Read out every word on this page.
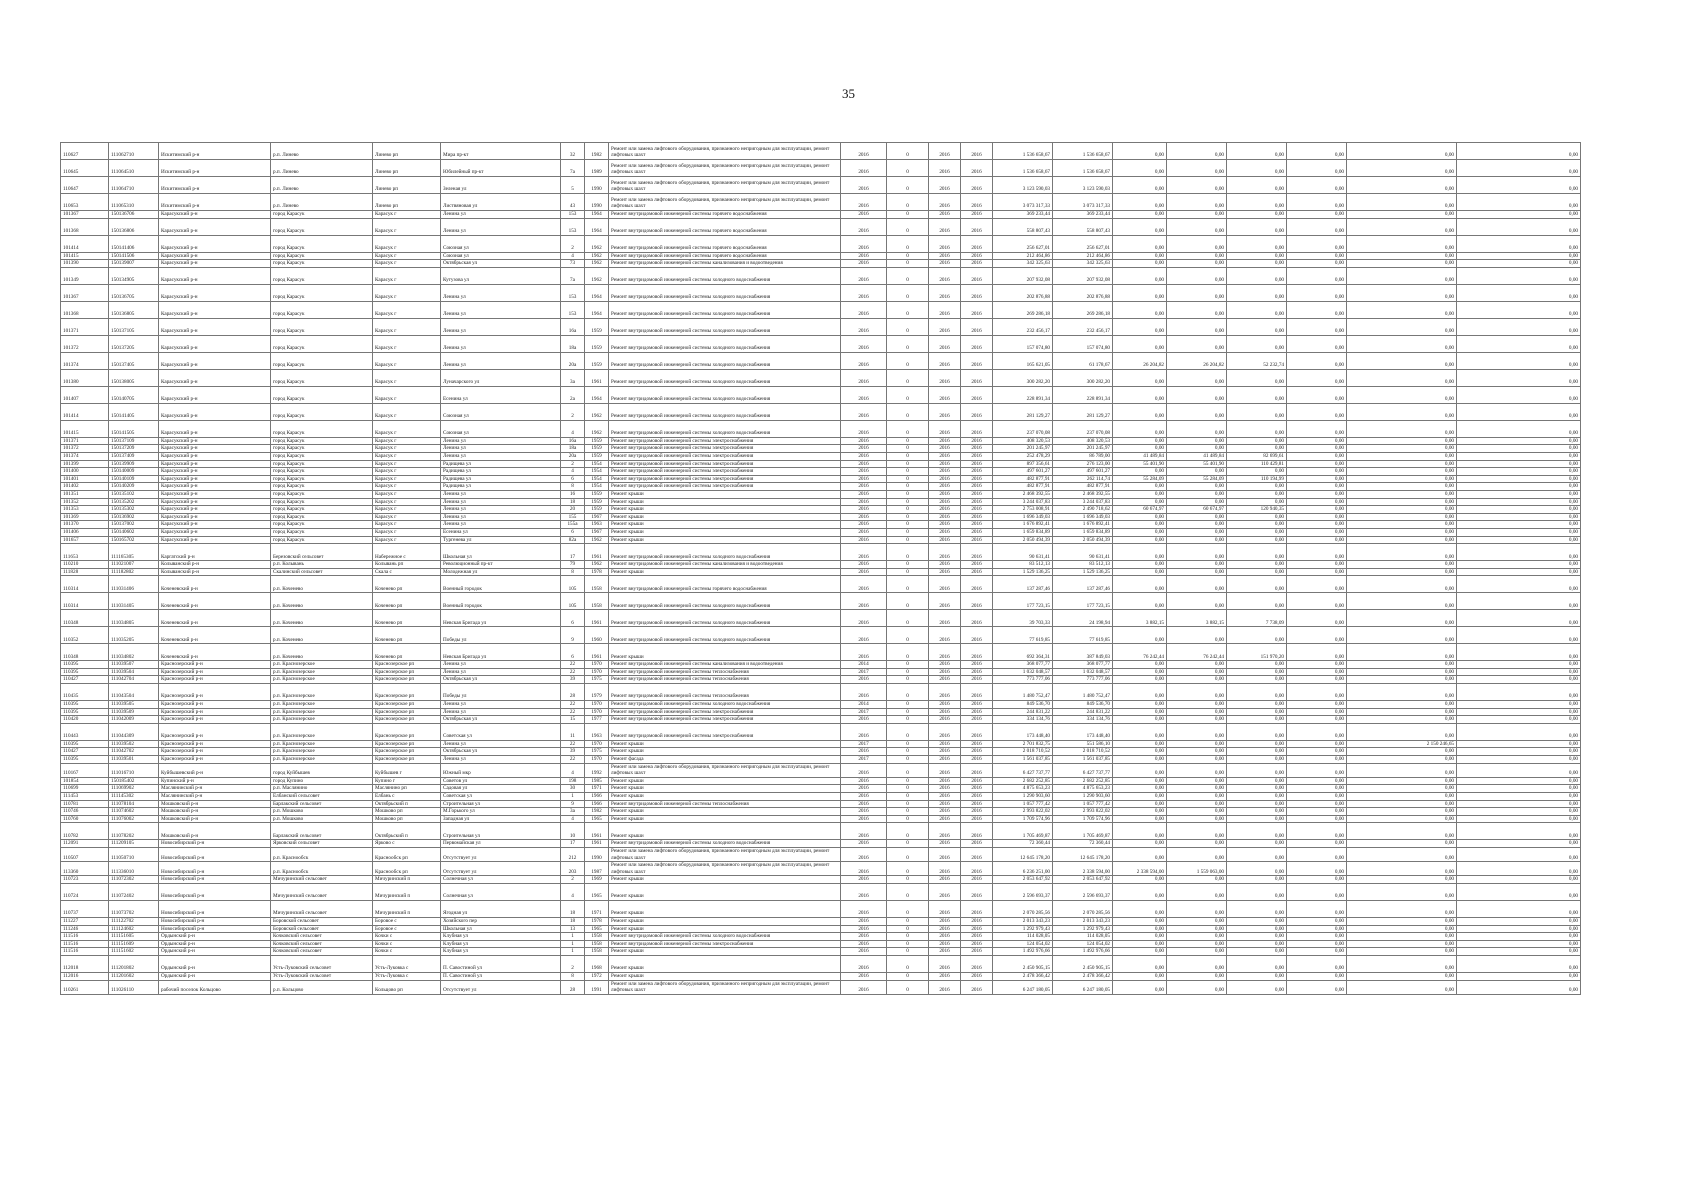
35
110627	111062710	Искитимский р-н	р.п. Линево	Линево рп	Мира пр-кт	32	1982	Ремонт или замена лифтового оборудования, признанного непригодным для эксплуатации, ремонт лифтовых шахт	2016	0	2016	2016	1 536 658,67	1 536 658,67	0,00	0,00	0,00	0,00	0,00	0,00
110645	111064510	Искитимский р-н	р.п. Линево	Линево рп	Юбилейный пр-кт	7а	1989	Ремонт или замена лифтового оборудования, признанного непригодным для эксплуатации, ремонт лифтовых шахт	2016	0	2016	2016	1 536 658,67	1 536 658,67	0,00	0,00	0,00	0,00	0,00	0,00
110647	111064710	Искитимский р-н	р.п. Линево	Линево рп	Зеленая ул	5	1990	Ремонт или замена лифтового оборудования, признанного непригодным для эксплуатации, ремонт лифтовых шахт	2016	0	2016	2016	3 123 590,03	3 123 590,03	0,00	0,00	0,00	0,00	0,00	0,00
110653	111065310	Искитимский р-н	р.п. Линево	Линево рп	Листвяновая ул	43	1990	Ремонт или замена лифтового оборудования, признанного непригодным для эксплуатации, ремонт лифтовых шахт	2016	0	2016	2016	3 073 317,33	3 073 317,33	0,00	0,00	0,00	0,00	0,00	0,00
101367	150136706	Карасукский р-н	город Карасук	Карасук г	Ленина ул	153	1964	Ремонт внутридомовой инженерной системы горячего водоснабжения	2016	0	2016	2016	369 233,44	369 233,44	0,00	0,00	0,00	0,00	0,00	0,00
101368	150136806	Карасукский р-н	город Карасук	Карасук г	Ленина ул	153	1964	Ремонт внутридомовой инженерной системы горячего водоснабжения	2016	0	2016	2016	558 807,43	558 807,43	0,00	0,00	0,00	0,00	0,00	0,00
101414	150141406	Карасукский р-н	город Карасук	Карасук г	Союзная ул	2	1962	Ремонт внутридомовой инженерной системы горячего водоснабжения	2016	0	2016	2016	256 627,01	256 627,01	0,00	0,00	0,00	0,00	0,00	0,00
101415	150141506	Карасукский р-н	город Карасук	Карасук г	Союзная ул	4	1962	Ремонт внутридомовой инженерной системы горячего водоснабжения	2016	0	2016	2016	212 464,86	212 464,86	0,00	0,00	0,00	0,00	0,00	0,00
101390	150139007	Карасукский р-н	город Карасук	Карасук г	Октябрьская ул	73	1962	Ремонт внутридомовой инженерной системы канализования и водоотведения	2016	0	2016	2016	342 325,63	342 325,63	0,00	0,00	0,00	0,00	0,00	0,00
101349	150134905	Карасукский р-н	город Карасук	Карасук г	Кутузова ул	7а	1962	Ремонт внутридомовой инженерной системы холодного водоснабжения	2016	0	2016	2016	207 932,08	207 932,08	0,00	0,00	0,00	0,00	0,00	0,00
101367	150136705	Карасукский р-н	город Карасук	Карасук г	Ленина ул	153	1964	Ремонт внутридомовой инженерной системы холодного водоснабжения	2016	0	2016	2016	202 876,88	202 876,88	0,00	0,00	0,00	0,00	0,00	0,00
101368	150136805	Карасукский р-н	город Карасук	Карасук г	Ленина ул	153	1964	Ремонт внутридомовой инженерной системы холодного водоснабжения	2016	0	2016	2016	269 286,18	269 286,18	0,00	0,00	0,00	0,00	0,00	0,00
101371	150137105	Карасукский р-н	город Карасук	Карасук г	Ленина ул	16а	1959	Ремонт внутридомовой инженерной системы холодного водоснабжения	2016	0	2016	2016	232 456,17	232 456,17	0,00	0,00	0,00	0,00	0,00	0,00
101372	150137205	Карасукский р-н	город Карасук	Карасук г	Ленина ул	18а	1959	Ремонт внутридомовой инженерной системы холодного водоснабжения	2016	0	2016	2016	157 074,80	157 074,80	0,00	0,00	0,00	0,00	0,00	0,00
101374	150137405	Карасукский р-н	город Карасук	Карасук г	Ленина ул	20а	1959	Ремонт внутридомовой инженерной системы холодного водоснабжения	2016	0	2016	2016	165 621,05	61 178,67	26 204,82	26 204,82	52 232,74	0,00	0,00	0,00
101380	150138005	Карасукский р-н	город Карасук	Карасук г	Луначарского ул	3а	1961	Ремонт внутридомовой инженерной системы холодного водоснабжения	2016	0	2016	2016	300 282,20	300 282,20	0,00	0,00	0,00	0,00	0,00	0,00
101407	150140705	Карасукский р-н	город Карасук	Карасук г	Есенина ул	2а	1964	Ремонт внутридомовой инженерной системы холодного водоснабжения	2016	0	2016	2016	228 891,34	228 891,34	0,00	0,00	0,00	0,00	0,00	0,00
101414	150141405	Карасукский р-н	город Карасук	Карасук г	Союзная ул	2	1962	Ремонт внутридомовой инженерной системы холодного водоснабжения	2016	0	2016	2016	281 129,27	281 129,27	0,00	0,00	0,00	0,00	0,00	0,00
101415	150141505	Карасукский р-н	город Карасук	Карасук г	Союзная ул	4	1962	Ремонт внутридомовой инженерной системы холодного водоснабжения	2016	0	2016	2016	237 070,08	237 070,08	0,00	0,00	0,00	0,00	0,00	0,00
101371	150137109	Карасукский р-н	город Карасук	Карасук г	Ленина ул	16а	1959	Ремонт внутридомовой инженерной системы электроснабжения	2016	0	2016	2016	408 320,53	408 320,53	0,00	0,00	0,00	0,00	0,00	0,00
101372	150137209	Карасукский р-н	город Карасук	Карасук г	Ленина ул	18а	1959	Ремонт внутридомовой инженерной системы электроснабжения	2016	0	2016	2016	201 245,97	201 245,97	0,00	0,00	0,00	0,00	0,00	0,00
101374	150137409	Карасукский р-н	город Карасук	Карасук г	Ленина ул	20а	1959	Ремонт внутридомовой инженерной системы электроснабжения	2016	0	2016	2016	252 478,29	86 789,00	41 489,84	41 489,84	82 699,61	0,00	0,00	0,00
101399	150139909	Карасукский р-н	город Карасук	Карасук г	Радищева ул	2	1954	Ремонт внутридомовой инженерной системы электроснабжения	2016	0	2016	2016	897 356,61	276 123,00	55 401,90	55 401,90	110 429,81	0,00	0,00	0,00
101400	150140009	Карасукский р-н	город Карасук	Карасук г	Радищева ул	4	1954	Ремонт внутридомовой инженерной системы электроснабжения	2016	0	2016	2016	497 601,27	497 601,27	0,00	0,00	0,00	0,00	0,00	0,00
101401	150140109	Карасукский р-н	город Карасук	Карасук г	Радищева ул	6	1954	Ремонт внутридомовой инженерной системы электроснабжения	2016	0	2016	2016	482 877,91	262 114,74	55 284,09	55 284,09	110 194,99	0,00	0,00	0,00
101402	150140209	Карасукский р-н	город Карасук	Карасук г	Радищева ул	8	1954	Ремонт внутридомовой инженерной системы электроснабжения	2016	0	2016	2016	482 877,91	482 877,91	0,00	0,00	0,00	0,00	0,00	0,00
101351	150135102	Карасукский р-н	город Карасук	Карасук г	Ленина ул	16	1959	Ремонт крыши	2016	0	2016	2016	2 468 392,55	2 468 392,55	0,00	0,00	0,00	0,00	0,00	0,00
101352	150135202	Карасукский р-н	город Карасук	Карасук г	Ленина ул	18	1959	Ремонт крыши	2016	0	2016	2016	3 244 037,83	3 244 037,83	0,00	0,00	0,00	0,00	0,00	0,00
101353	150135302	Карасукский р-н	город Карасук	Карасук г	Ленина ул	20	1959	Ремонт крыши	2016	0	2016	2016	2 753 008,91	2 490 718,62	60 674,97	60 674,97	120 940,35	0,00	0,00	0,00
101369	150136902	Карасукский р-н	город Карасук	Карасук г	Ленина ул	155	1967	Ремонт крыши	2016	0	2016	2016	1 696 349,03	1 696 349,03	0,00	0,00	0,00	0,00	0,00	0,00
101370	150137002	Карасукский р-н	город Карасук	Карасук г	Ленина ул	155а	1963	Ремонт крыши	2016	0	2016	2016	1 676 892,41	1 676 892,41	0,00	0,00	0,00	0,00	0,00	0,00
101406	150140602	Карасукский р-н	город Карасук	Карасук г	Есенина ул	6	1967	Ремонт крыши	2016	0	2016	2016	1 659 834,89	1 659 834,89	0,00	0,00	0,00	0,00	0,00	0,00
101657	150165702	Карасукский р-н	город Карасук	Карасук г	Тургенева ул	82а	1962	Ремонт крыши	2016	0	2016	2016	2 050 494,39	2 050 494,39	0,00	0,00	0,00	0,00	0,00	0,00
111653	111165305	Каргатский р-н	Березовский сельсовет	Набережное с	Школьная ул	17	1961	Ремонт внутридомовой инженерной системы холодного водоснабжения	2016	0	2016	2016	90 631,41	90 631,41	0,00	0,00	0,00	0,00	0,00	0,00
110210	111021007	Колыванский р-н	р.п. Колывань	Колывань рп	Революционный пр-кт	79	1962	Ремонт внутридомовой инженерной системы канализования и водоотведения	2016	0	2016	2016	83 512,13	83 512,13	0,00	0,00	0,00	0,00	0,00	0,00
111828	111182802	Колыванский р-н	Скалинский сельсовет	Скала с	Молодежная ул	8	1978	Ремонт крыши	2016	0	2016	2016	1 529 136,25	1 529 136,25	0,00	0,00	0,00	0,00	0,00	0,00
110314	111031406	Коченевский р-н	р.п. Коченево	Коченево рп	Военный городок	105	1958	Ремонт внутридомовой инженерной системы горячего водоснабжения	2016	0	2016	2016	137 287,46	137 287,46	0,00	0,00	0,00	0,00	0,00	0,00
110314	111031405	Коченевский р-н	р.п. Коченево	Коченево рп	Военный городок	105	1958	Ремонт внутридомовой инженерной системы холодного водоснабжения	2016	0	2016	2016	177 723,15	177 723,15	0,00	0,00	0,00	0,00	0,00	0,00
110348	111034805	Коченевский р-н	р.п. Коченево	Коченево рп	Невская Бригада ул	6	1961	Ремонт внутридомовой инженерной системы холодного водоснабжения	2016	0	2016	2016	39 703,33	24 198,94	3 882,15	3 882,15	7 738,09	0,00	0,00	0,00
110352	111035205	Коченевский р-н	р.п. Коченево	Коченево рп	Победы ул	9	1960	Ремонт внутридомовой инженерной системы холодного водоснабжения	2016	0	2016	2016	77 619,85	77 619,85	0,00	0,00	0,00	0,00	0,00	0,00
110348	111034802	Коченевский р-н	р.п. Коченево	Коченево рп	Невская Бригада ул	6	1961	Ремонт крыши	2016	0	2016	2016	692 364,31	387 849,03	76 242,44	76 242,44	151 970,20	0,00	0,00	0,00
110395	111039507	Краснозерский р-н	р.п. Краснозерское	Краснозерское рп	Ленина ул	22	1970	Ремонт внутридомовой инженерной системы канализования и водоотведения	2014	0	2016	2016	368 077,77	368 077,77	0,00	0,00	0,00	0,00	0,00	0,00
110395	111039504	Краснозерский р-н	р.п. Краснозерское	Краснозерское рп	Ленина ул	22	1970	Ремонт внутридомовой инженерной системы теплоснабжения	2017	0	2016	2016	1 032 048,57	1 032 048,57	0,00	0,00	0,00	0,00	0,00	0,00
110427	111042704	Краснозерский р-н	р.п. Краснозерское	Краснозерское рп	Октябрьская ул	39	1975	Ремонт внутридомовой инженерной системы теплоснабжения	2016	0	2016	2016	773 777,06	773 777,06	0,00	0,00	0,00	0,00	0,00	0,00
110435	111043504	Краснозерский р-н	р.п. Краснозерское	Краснозерское рп	Победы ул	28	1979	Ремонт внутридомовой инженерной системы теплоснабжения	2016	0	2016	2016	1 480 752,47	1 480 752,47	0,00	0,00	0,00	0,00	0,00	0,00
110395	111039505	Краснозерский р-н	р.п. Краснозерское	Краснозерское рп	Ленина ул	22	1970	Ремонт внутридомовой инженерной системы холодного водоснабжения	2014	0	2016	2016	849 536,70	849 536,70	0,00	0,00	0,00	0,00	0,00	0,00
110395	111039509	Краснозерский р-н	р.п. Краснозерское	Краснозерское рп	Ленина ул	22	1970	Ремонт внутридомовой инженерной системы электроснабжения	2017	0	2016	2016	244 831,22	244 831,22	0,00	0,00	0,00	0,00	0,00	0,00
110420	111042009	Краснозерский р-н	р.п. Краснозерское	Краснозерское рп	Октябрьская ул	15	1977	Ремонт внутридомовой инженерной системы электроснабжения	2016	0	2016	2016	334 134,76	334 134,76	0,00	0,00	0,00	0,00	0,00	0,00
110443	111044309	Краснозерский р-н	р.п. Краснозерское	Краснозерское рп	Советская ул	11	1963	Ремонт внутридомовой инженерной системы электроснабжения	2016	0	2016	2016	173 448,40	173 448,40	0,00	0,00	0,00	0,00	0,00	0,00
110395	111039502	Краснозерский р-н	р.п. Краснозерское	Краснозерское рп	Ленина ул	22	1970	Ремонт крыши	2017	0	2016	2016	2 701 832,75	551 586,10	0,00	0,00	0,00	0,00	2 150 246,65	0,00
110427	111042702	Краснозерский р-н	р.п. Краснозерское	Краснозерское рп	Октябрьская ул	39	1975	Ремонт крыши	2016	0	2016	2016	2 018 710,52	2 018 710,52	0,00	0,00	0,00	0,00	0,00	0,00
110395	111039501	Краснозерский р-н	р.п. Краснозерское	Краснозерское рп	Ленина ул	22	1970	Ремонт фасада	2017	0	2016	2016	1 561 037,85	1 561 037,85	0,00	0,00	0,00	0,00	0,00	0,00
110167	111016710	Куйбышевский р-н	город Куйбышев	Куйбышев г	Южный мкр	4	1992	Ремонт или замена лифтового оборудования, признанного непригодным для эксплуатации, ремонт лифтовых шахт	2016	0	2016	2016	6 427 737,77	6 427 737,77	0,00	0,00	0,00	0,00	0,00	0,00
101854	150185402	Купинский р-н	город Купино	Купино г	Советов ул	198	1985	Ремонт крыши	2016	0	2016	2016	2 682 252,85	2 682 252,85	0,00	0,00	0,00	0,00	0,00	0,00
110699	111069902	Маслянинский р-н	р.п. Маслянино	Маслянино рп	Садовая ул	30	1971	Ремонт крыши	2016	0	2016	2016	4 875 653,23	4 875 653,23	0,00	0,00	0,00	0,00	0,00	0,00
111453	111145302	Маслянинский р-н	Елбанский сельсовет	Елбань с	Советская ул	1	1966	Ремонт крыши	2016	0	2016	2016	1 290 903,60	1 290 903,60	0,00	0,00	0,00	0,00	0,00	0,00
110781	111078104	Мошковский р-н	Барлакский сельсовет	Октябрьский п	Строительная ул	9	1966	Ремонт внутридомовой инженерной системы теплоснабжения	2016	0	2016	2016	1 057 777,42	1 057 777,42	0,00	0,00	0,00	0,00	0,00	0,00
110746	111074602	Мошковский р-н	р.п. Мошково	Мошково рп	М.Горького ул	3а	1982	Ремонт крыши	2016	0	2016	2016	2 993 822,02	2 993 822,02	0,00	0,00	0,00	0,00	0,00	0,00
110760	111076002	Мошковский р-н	р.п. Мошково	Мошково рп	Западная ул	4	1965	Ремонт крыши	2016	0	2016	2016	1 709 574,96	1 709 574,96	0,00	0,00	0,00	0,00	0,00	0,00
110782	111078202	Мошковский р-н	Барлакский сельсовет	Октябрьский п	Строительная ул	10	1961	Ремонт крыши	2016	0	2016	2016	1 705 469,87	1 705 469,87	0,00	0,00	0,00	0,00	0,00	0,00
112091	111209105	Новосибирский р-н	Ярковский сельсовет	Ярково с	Первомайская ул	17	1961	Ремонт внутридомовой инженерной системы холодного водоснабжения	2016	0	2016	2016	72 360,44	72 360,44	0,00	0,00	0,00	0,00	0,00	0,00
110507	111050710	Новосибирский р-н	р.п. Краснообск	Краснообск рп	Отсутствует ул	212	1990	Ремонт или замена лифтового оборудования, признанного непригодным для эксплуатации, ремонт лифтовых шахт	2016	0	2016	2016	12 645 178,20	12 645 178,20	0,00	0,00	0,00	0,00	0,00	0,00
113360	111336010	Новосибирский р-н	р.п. Краснообск	Краснообск рп	Отсутствует ул	203	1987	Ремонт или замена лифтового оборудования, признанного непригодным для эксплуатации, ремонт лифтовых шахт	2016	0	2016	2016	6 236 251,00	2 338 594,00	2 338 594,00	1 559 063,00	0,00	0,00	0,00	0,00
110723	111072302	Новосибирский р-н	Мичуринский сельсовет	Мичуринский п	Солнечная ул	2	1969	Ремонт крыши	2016	0	2016	2016	2 053 647,92	2 053 647,92	0,00	0,00	0,00	0,00	0,00	0,00
110724	111072402	Новосибирский р-н	Мичуринский сельсовет	Мичуринский п	Солнечная ул	4	1965	Ремонт крыши	2016	0	2016	2016	2 596 693,37	2 596 693,37	0,00	0,00	0,00	0,00	0,00	0,00
110737	111073702	Новосибирский р-н	Мичуринский сельсовет	Мичуринский п	Ягодная ул	18	1971	Ремонт крыши	2016	0	2016	2016	2 070 285,56	2 070 285,56	0,00	0,00	0,00	0,00	0,00	0,00
111227	111122702	Новосибирский р-н	Боровской сельсовет	Боровое с	Хозяйского пер	18	1978	Ремонт крыши	2016	0	2016	2016	2 013 343,23	2 013 343,23	0,00	0,00	0,00	0,00	0,00	0,00
111246	111124602	Новосибирский р-н	Боровской сельсовет	Боровое с	Школьная ул	13	1965	Ремонт крыши	2016	0	2016	2016	1 292 979,43	1 292 979,43	0,00	0,00	0,00	0,00	0,00	0,00
111516	111151605	Ордынский р-н	Кочковский сельсовет	Кочки с	Клубная ул	1	1958	Ремонт внутридомовой инженерной системы холодного водоснабжения	2016	0	2016	2016	114 028,05	114 028,05	0,00	0,00	0,00	0,00	0,00	0,00
111516	111151609	Ордынский р-н	Кочковский сельсовет	Кочки с	Клубная ул	1	1958	Ремонт внутридомовой инженерной системы электроснабжения	2016	0	2016	2016	124 054,02	124 054,02	0,00	0,00	0,00	0,00	0,00	0,00
111516	111151602	Ордынский р-н	Кочковский сельсовет	Кочки с	Клубная ул	1	1958	Ремонт крыши	2016	0	2016	2016	1 492 976,66	1 492 976,66	0,00	0,00	0,00	0,00	0,00	0,00
112018	111201802	Ордынский р-н	Усть-Луковский сельсовет	Усть-Луковка с	П. Савостиной ул	2	1968	Ремонт крыши	2016	0	2016	2016	2 450 905,15	2 450 905,15	0,00	0,00	0,00	0,00	0,00	0,00
112016	111201602	Ордынский р-н	Усть-Луковский сельсовет	Усть-Луковка с	П. Савостиной ул	8	1972	Ремонт крыши	2016	0	2016	2016	2 478 366,42	2 478 366,42	0,00	0,00	0,00	0,00	0,00	0,00
110261	111026110	рабочий поселок Кольцово	р.п. Кольцово	Кольцово рп	Отсутствует ул	28	1991	Ремонт или замена лифтового оборудования, признанного непригодным для эксплуатации, ремонт лифтовых шахт	2016	0	2016	2016	6 247 180,05	6 247 180,05	0,00	0,00	0,00	0,00	0,00	0,00
